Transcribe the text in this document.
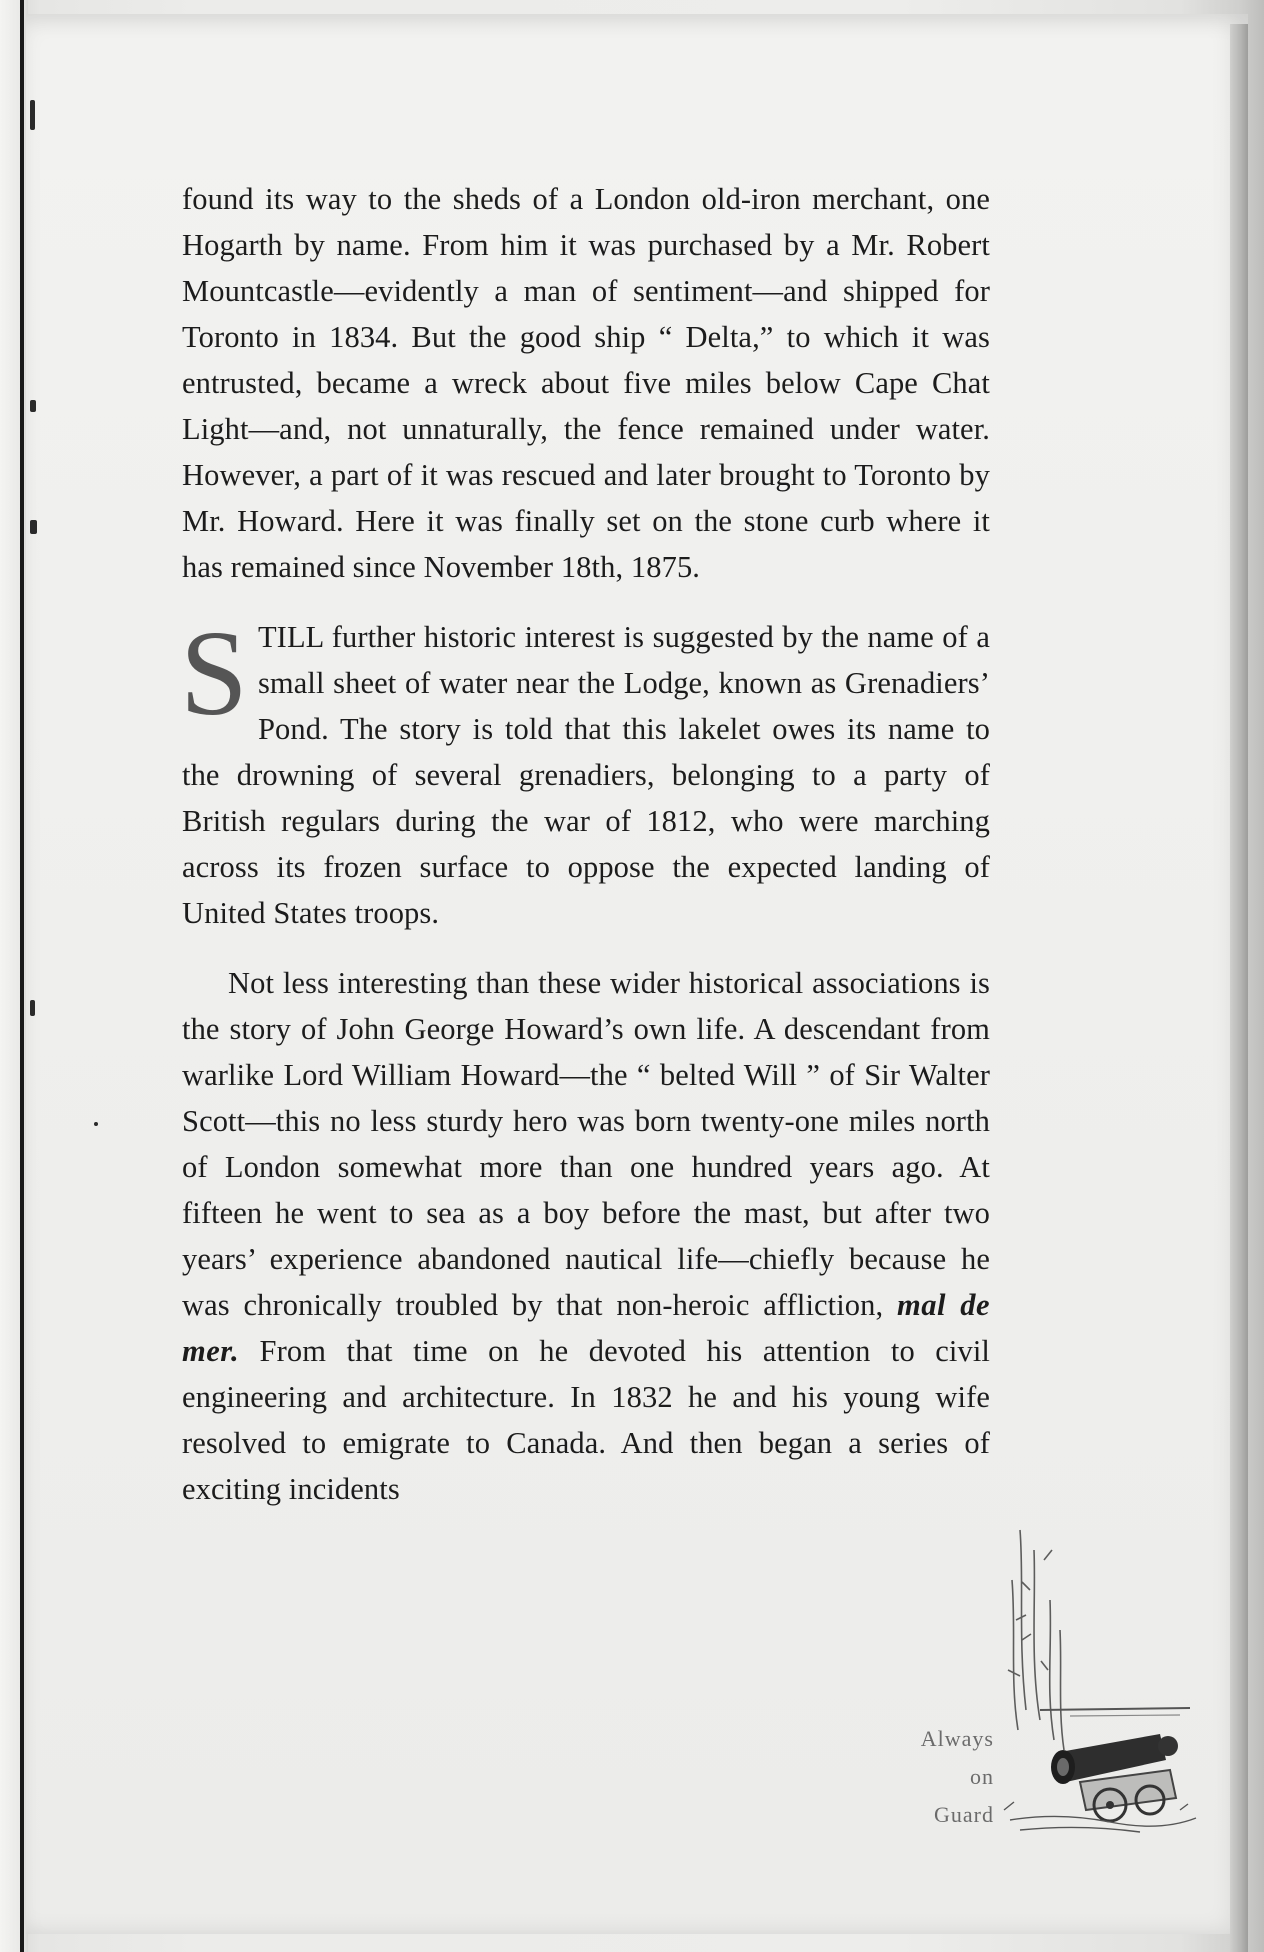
found its way to the sheds of a London old-iron merchant, one Hogarth by name. From him it was purchased by a Mr. Robert Mountcastle—evidently a man of sentiment—and shipped for Toronto in 1834. But the good ship “ Delta,” to which it was entrusted, became a wreck about five miles below Cape Chat Light—and, not unnaturally, the fence remained under water. However, a part of it was rescued and later brought to Toronto by Mr. Howard. Here it was finally set on the stone curb where it has remained since November 18th, 1875.

STILL further historic interest is suggested by the name of a small sheet of water near the Lodge, known as Grenadiers’ Pond. The story is told that this lakelet owes its name to the drowning of several grenadiers, belonging to a party of British regulars during the war of 1812, who were marching across its frozen surface to oppose the expected landing of United States troops.

Not less interesting than these wider historical associations is the story of John George Howard’s own life. A descendant from warlike Lord William Howard—the “ belted Will ” of Sir Walter Scott—this no less sturdy hero was born twenty-one miles north of London somewhat more than one hundred years ago. At fifteen he went to sea as a boy before the mast, but after two years’ experience abandoned nautical life—chiefly because he was chronically troubled by that non-heroic affliction, mal de mer. From that time on he devoted his attention to civil engineering and architecture. In 1832 he and his young wife resolved to emigrate to Canada. And then began a series of exciting incidents

Always
on
Guard
